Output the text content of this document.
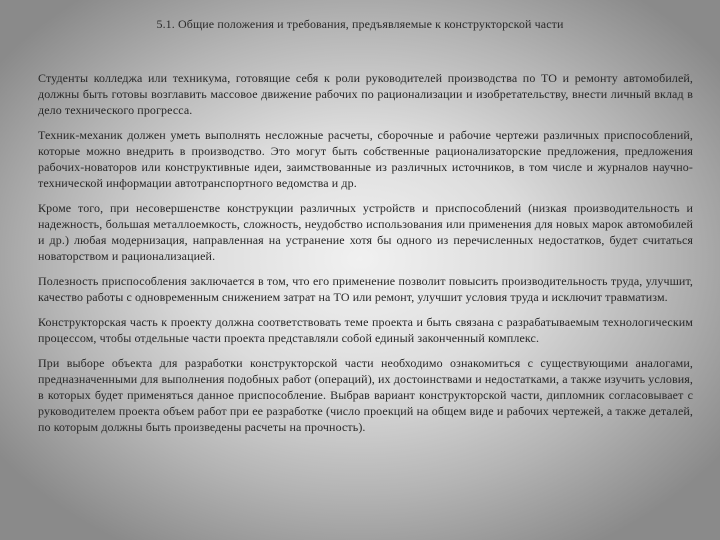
5.1. Общие положения и требования, предъявляемые к конструкторской части

Студенты колледжа или техникума, готовящие себя к роли руководителей производства по ТО и ремонту автомобилей, должны быть готовы возглавить массовое движение рабочих по рационализации и изобретательству, внести личный вклад в дело технического прогресса.

Техник-механик должен уметь выполнять несложные расчеты, сборочные и рабочие чертежи различных приспособлений, которые можно внедрить в производство. Это могут быть собственные рационализаторские предложения, предложения рабочих-новаторов или конструктивные идеи, заимствованные из различных источников, в том числе и журналов научно-технической информации автотранспортного ведомства и др.

Кроме того, при несовершенстве конструкции различных устройств и приспособлений (низкая производительность и надежность, большая металлоемкость, сложность, неудобство использования или применения для новых марок автомобилей и др.) любая модернизация, направленная на устранение хотя бы одного из перечисленных недостатков, будет считаться новаторством и рационализацией.

Полезность приспособления заключается в том, что его применение позволит повысить производительность труда, улучшит, качество работы с одновременным снижением затрат на ТО или ремонт, улучшит условия труда и исключит травматизм.

Конструкторская часть к проекту должна соответствовать теме проекта и быть связана с разрабатываемым технологическим процессом, чтобы отдельные части проекта представляли собой единый законченный комплекс.

При выборе объекта для разработки конструкторской части необходимо ознакомиться с существующими аналогами, предназначенными для выполнения подобных работ (операций), их достоинствами и недостатками, а также изучить условия, в которых будет применяться данное приспособление. Выбрав вариант конструкторской части, дипломник согласовывает с руководителем проекта объем работ при ее разработке (число проекций на общем виде и рабочих чертежей, а также деталей, по которым должны быть произведены расчеты на прочность).
